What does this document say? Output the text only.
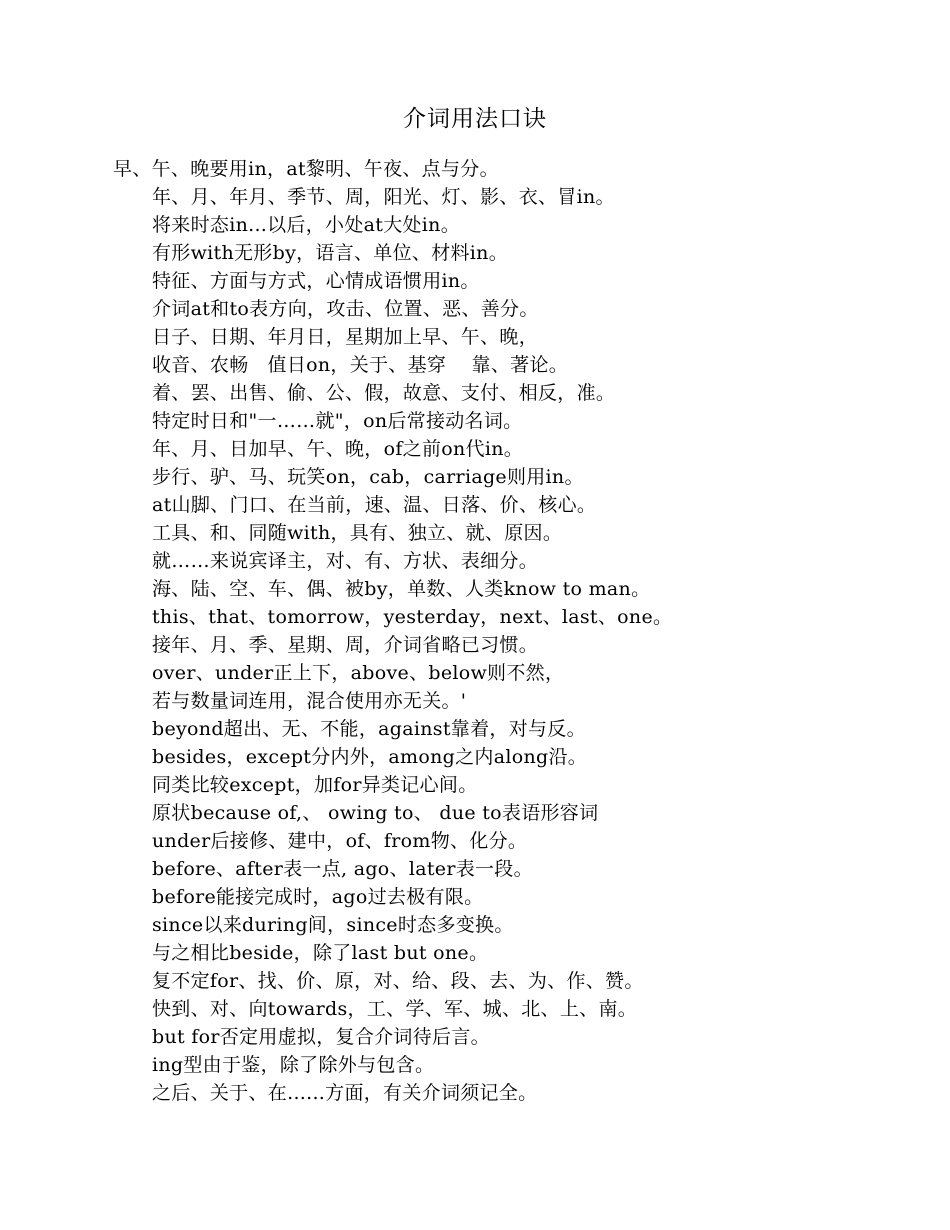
介词用法口诀
早、午、晚要用in，at黎明、午夜、点与分。
年、月、年月、季节、周，阳光、灯、影、衣、冒in。
将来时态in...以后，小处at大处in。
有形with无形by，语言、单位、材料in。
特征、方面与方式，心情成语惯用in。
介词at和to表方向，攻击、位置、恶、善分。
日子、日期、年月日，星期加上早、午、晚，
收音、农畅   值日on，关于、基穿    靠、著论。
着、罢、出售、偷、公、假，故意、支付、相反，准。
特定时日和"一……就"，on后常接动名词。
年、月、日加早、午、晚，of之前on代in。
步行、驴、马、玩笑on，cab，carriage则用in。
at山脚、门口、在当前，速、温、日落、价、核心。
工具、和、同随with，具有、独立、就、原因。
就……来说宾译主，对、有、方状、表细分。
海、陆、空、车、偶、被by，单数、人类know to man。
this、that、tomorrow，yesterday，next、last、one。
接年、月、季、星期、周，介词省略已习惯。
over、under正上下，above、below则不然，
若与数量词连用，混合使用亦无关。'
beyond超出、无、不能，against靠着，对与反。
besides，except分内外，among之内along沿。
同类比较except，加for异类记心间。
原状because of,、 owing to、 due to表语形容词
under后接修、建中，of、from物、化分。
before、after表一点, ago、later表一段。
before能接完成时，ago过去极有限。
since以来during间，since时态多变换。
与之相比beside，除了last but one。
复不定for、找、价、原，对、给、段、去、为、作、赞。
快到、对、向towards，工、学、军、城、北、上、南。
but for否定用虚拟，复合介词待后言。
ing型由于鉴，除了除外与包含。
之后、关于、在......方面，有关介词须记全。
